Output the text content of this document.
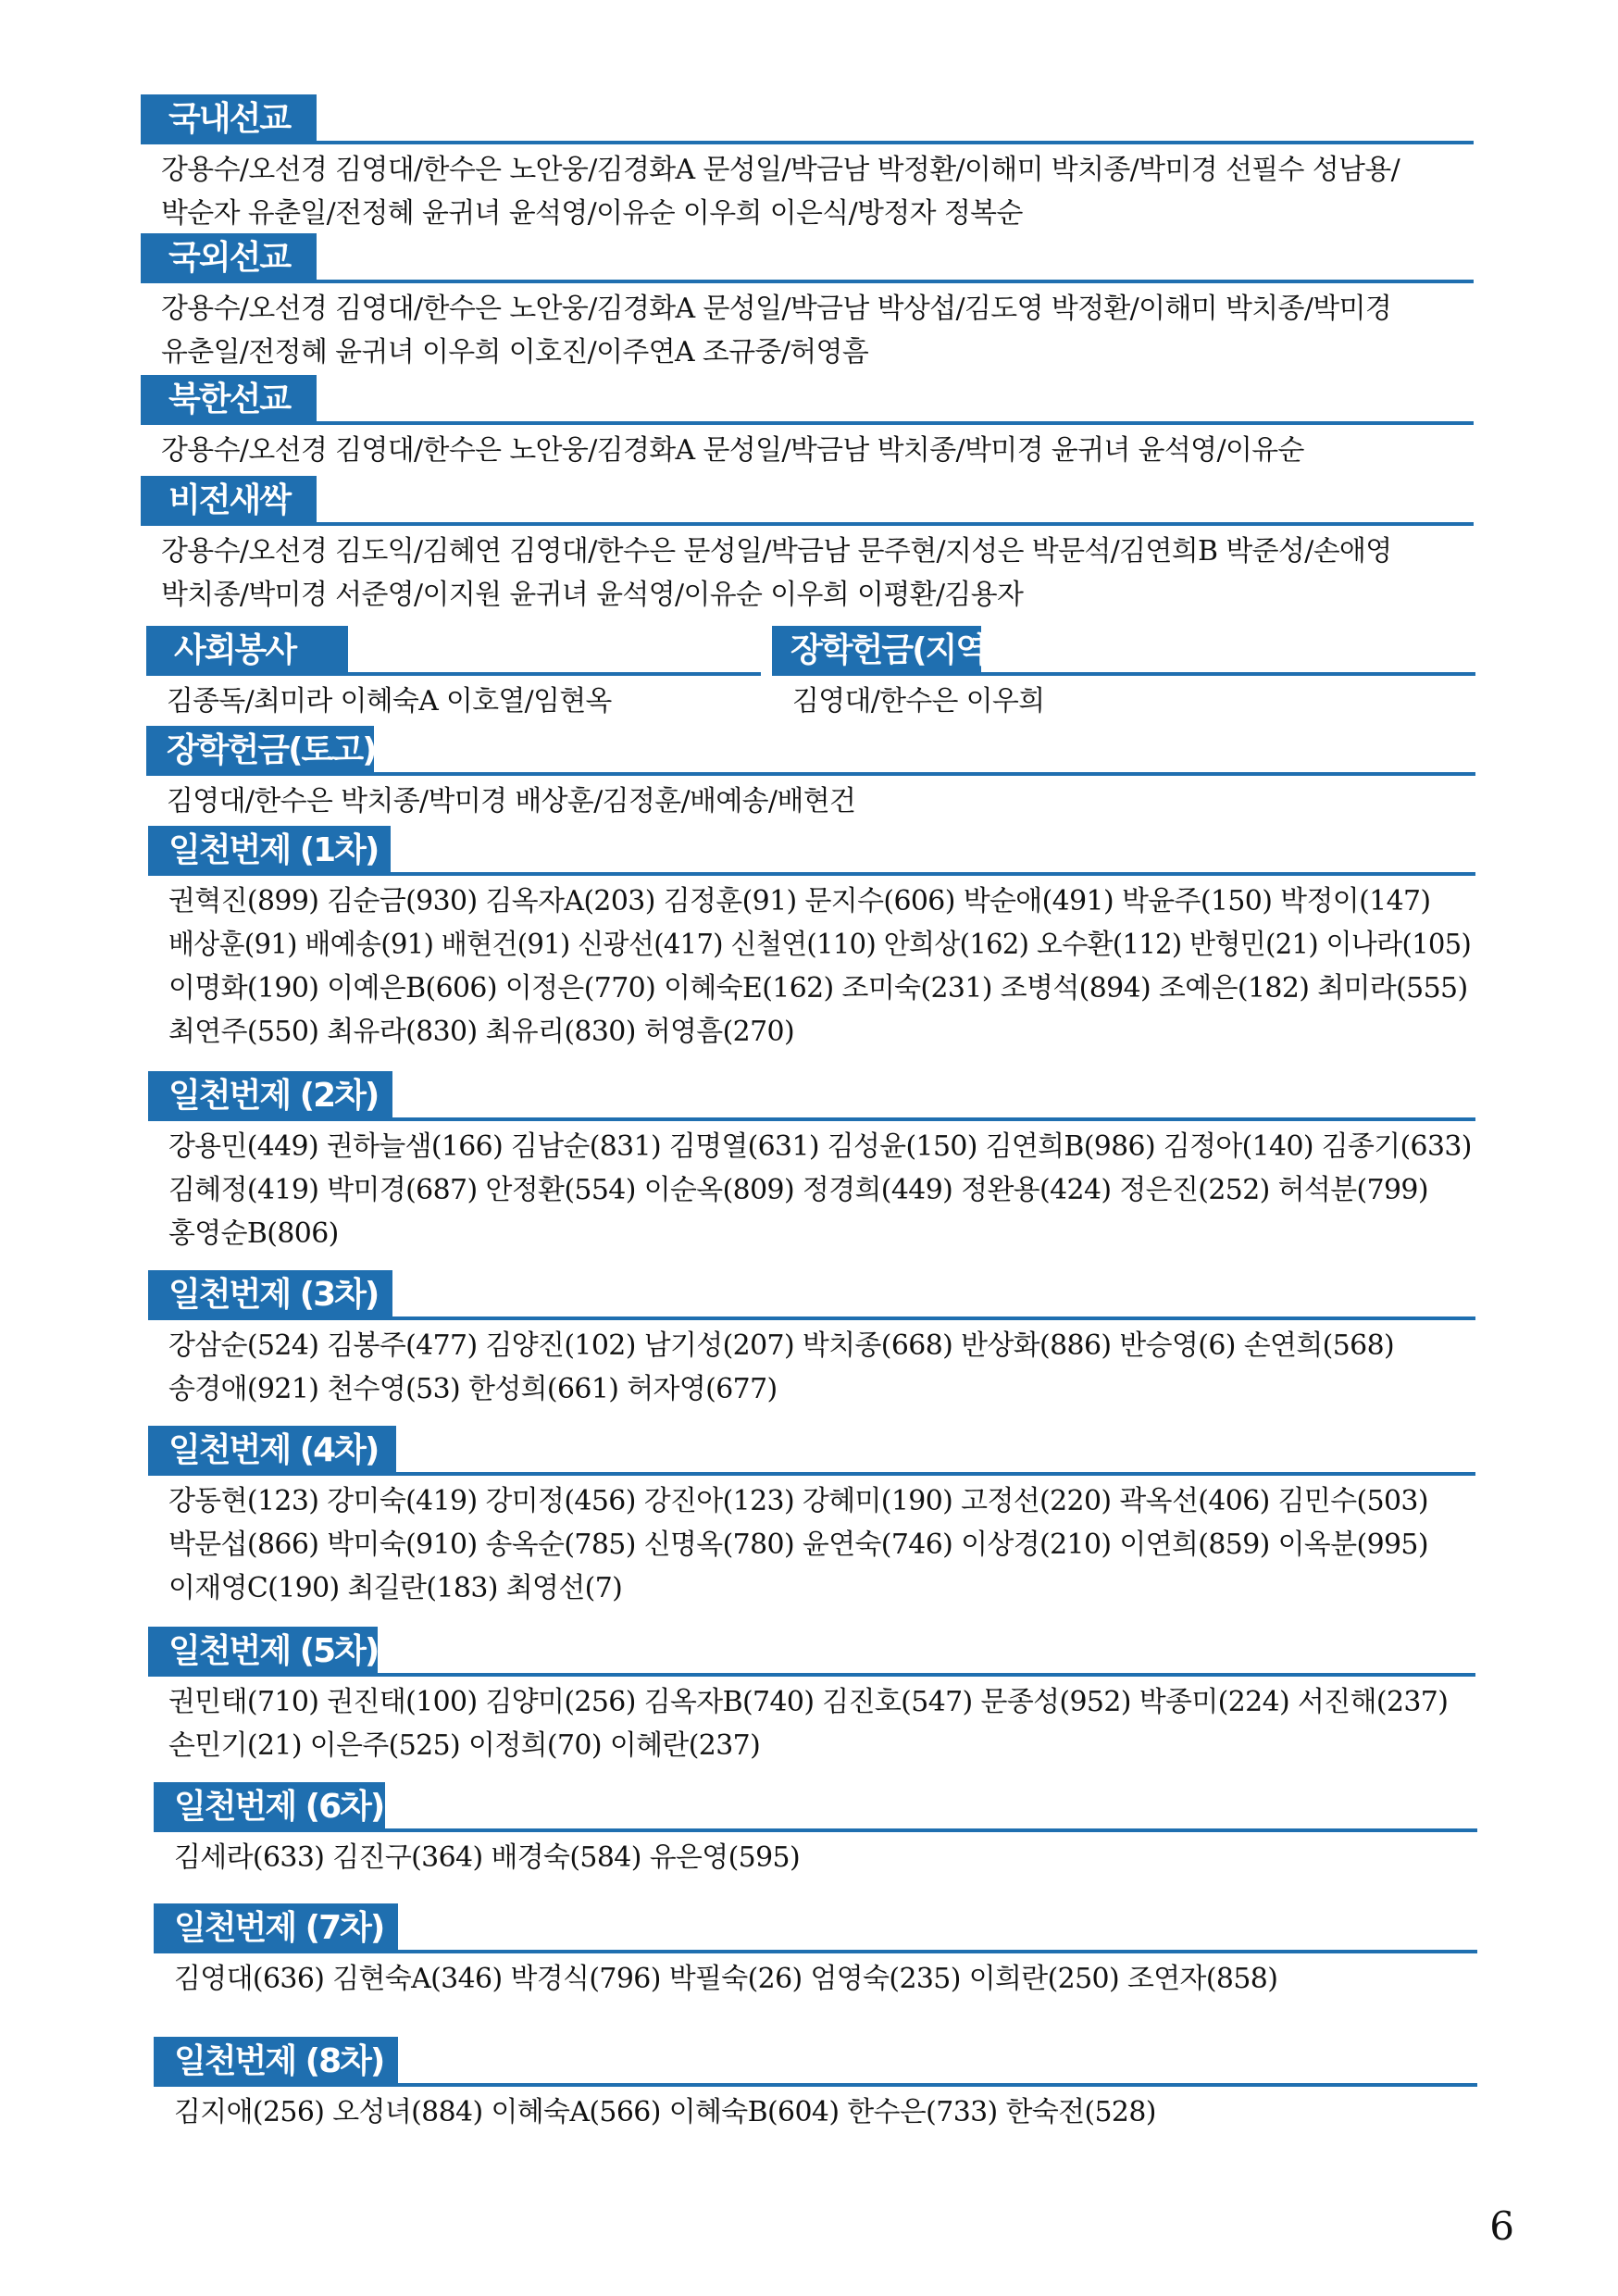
국내선교

강용수/오선경 김영대/한수은 노안웅/김경화A 문성일/박금남 박정환/이해미 박치종/박미경 선필수 성남용/

박순자 유춘일/전정혜 윤귀녀 윤석영/이유순 이우희 이은식/방정자 정복순

국외선교

강용수/오선경 김영대/한수은 노안웅/김경화A 문성일/박금남 박상섭/김도영 박정환/이해미 박치종/박미경

유춘일/전정혜 윤귀녀 이우희 이호진/이주연A 조규중/허영흠

북한선교

강용수/오선경 김영대/한수은 노안웅/김경화A 문성일/박금남 박치종/박미경 윤귀녀 윤석영/이유순

비전새싹

강용수/오선경 김도익/김혜연 김영대/한수은 문성일/박금남 문주현/지성은 박문석/김연희B 박준성/손애영

박치종/박미경 서준영/이지원 윤귀녀 윤석영/이유순 이우희 이평환/김용자

사회봉사

김종독/최미라 이혜숙A 이호열/임현옥

장학헌금(지역)

김영대/한수은 이우희

장학헌금(토고)

김영대/한수은 박치종/박미경 배상훈/김정훈/배예송/배현건

일천번제 (1차)

권혁진(899) 김순금(930) 김옥자A(203) 김정훈(91) 문지수(606) 박순애(491) 박윤주(150) 박정이(147)

배상훈(91) 배예송(91) 배현건(91) 신광선(417) 신철연(110) 안희상(162) 오수환(112) 반형민(21) 이나라(105)

이명화(190) 이예은B(606) 이정은(770) 이혜숙E(162) 조미숙(231) 조병석(894) 조예은(182) 최미라(555)

최연주(550) 최유라(830) 최유리(830) 허영흠(270)

일천번제 (2차)

강용민(449) 권하늘샘(166) 김남순(831) 김명열(631) 김성윤(150) 김연희B(986) 김정아(140) 김종기(633)

김혜정(419) 박미경(687) 안정환(554) 이순옥(809) 정경희(449) 정완용(424) 정은진(252) 허석분(799)

홍영순B(806)

일천번제 (3차)

강삼순(524) 김봉주(477) 김양진(102) 남기성(207) 박치종(668) 반상화(886) 반승영(6) 손연희(568)

송경애(921) 천수영(53) 한성희(661) 허자영(677)

일천번제 (4차)

강동현(123) 강미숙(419) 강미정(456) 강진아(123) 강혜미(190) 고정선(220) 곽옥선(406) 김민수(503)

박문섭(866) 박미숙(910) 송옥순(785) 신명옥(780) 윤연숙(746) 이상경(210) 이연희(859) 이옥분(995)

이재영C(190) 최길란(183) 최영선(7)

일천번제 (5차)

권민태(710) 권진태(100) 김양미(256) 김옥자B(740) 김진호(547) 문종성(952) 박종미(224) 서진해(237)

손민기(21) 이은주(525) 이정희(70) 이혜란(237)

일천번제 (6차)

김세라(633) 김진구(364) 배경숙(584) 유은영(595)

일천번제 (7차)

김영대(636) 김현숙A(346) 박경식(796) 박필숙(26) 엄영숙(235) 이희란(250) 조연자(858)

일천번제 (8차)

김지애(256) 오성녀(884) 이혜숙A(566) 이혜숙B(604) 한수은(733) 한숙전(528)

6
